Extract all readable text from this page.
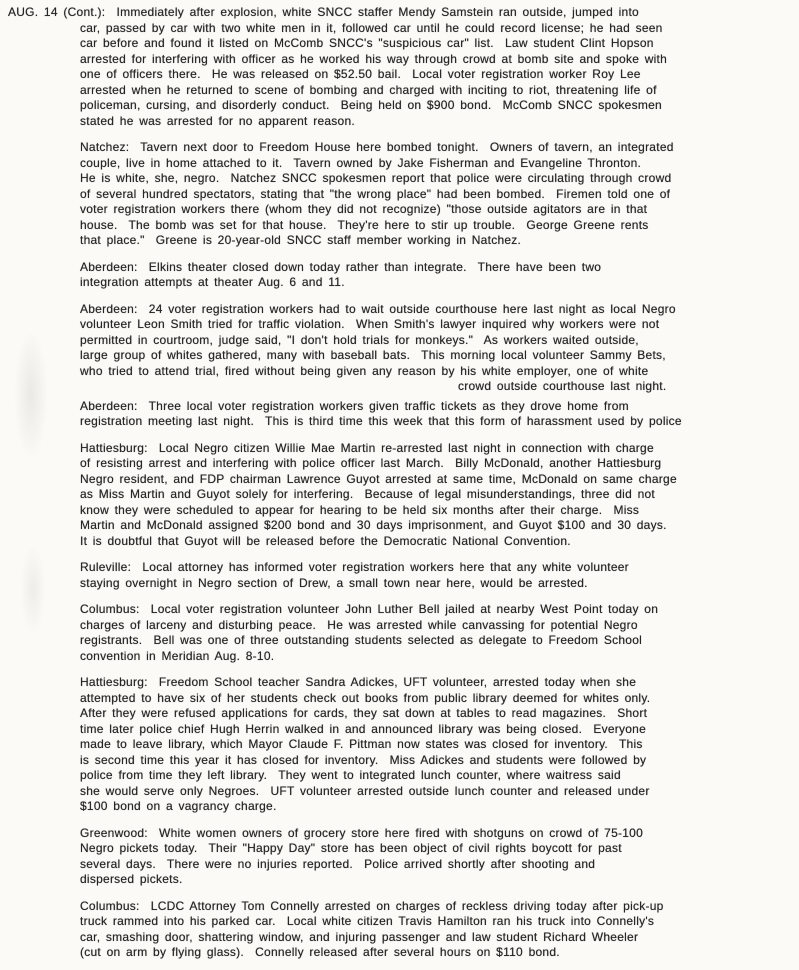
AUG. 14 (Cont.):  Immediately after explosion, white SNCC staffer Mendy Samstein ran outside, jumped into
car, passed by car with two white men in it, followed car until he could record license; he had seen
car before and found it listed on McComb SNCC's "suspicious car" list.  Law student Clint Hopson
arrested for interfering with officer as he worked his way through crowd at bomb site and spoke with
one of officers there.  He was released on $52.50 bail.  Local voter registration worker Roy Lee
arrested when he returned to scene of bombing and charged with inciting to riot, threatening life of
policeman, cursing, and disorderly conduct.  Being held on $900 bond.  McComb SNCC spokesmen
stated he was arrested for no apparent reason.
Natchez:  Tavern next door to Freedom House here bombed tonight.  Owners of tavern, an integrated
couple, live in home attached to it.  Tavern owned by Jake Fisherman and Evangeline Thronton.
He is white, she, negro.  Natchez SNCC spokesmen report that police were circulating through crowd
of several hundred spectators, stating that "the wrong place" had been bombed.  Firemen told one of
voter registration workers there (whom they did not recognize) "those outside agitators are in that
house.  The bomb was set for that house.  They're here to stir up trouble.  George Greene rents
that place."  Greene is 20-year-old SNCC staff member working in Natchez.
Aberdeen:  Elkins theater closed down today rather than integrate.  There have been two
integration attempts at theater Aug. 6 and 11.
Aberdeen:  24 voter registration workers had to wait outside courthouse here last night as local Negro
volunteer Leon Smith tried for traffic violation.  When Smith's lawyer inquired why workers were not
permitted in courtroom, judge said, "I don't hold trials for monkeys."  As workers waited outside,
large group of whites gathered, many with baseball bats.  This morning local volunteer Sammy Bets,
who tried to attend trial, fired without being given any reason by his white employer, one of white
crowd outside courthouse last night.
Aberdeen:  Three local voter registration workers given traffic tickets as they drove home from
registration meeting last night.  This is third time this week that this form of harassment used by police
Hattiesburg:  Local Negro citizen Willie Mae Martin re-arrested last night in connection with charge
of resisting arrest and interfering with police officer last March.  Billy McDonald, another Hattiesburg
Negro resident, and FDP chairman Lawrence Guyot arrested at same time, McDonald on same charge
as Miss Martin and Guyot solely for interfering.  Because of legal misunderstandings, three did not
know they were scheduled to appear for hearing to be held six months after their charge.  Miss
Martin and McDonald assigned $200 bond and 30 days imprisonment, and Guyot $100 and 30 days.
It is doubtful that Guyot will be released before the Democratic National Convention.
Ruleville:  Local attorney has informed voter registration workers here that any white volunteer
staying overnight in Negro section of Drew, a small town near here, would be arrested.
Columbus:  Local voter registration volunteer John Luther Bell jailed at nearby West Point today on
charges of larceny and disturbing peace.  He was arrested while canvassing for potential Negro
registrants.  Bell was one of three outstanding students selected as delegate to Freedom School
convention in Meridian Aug. 8-10.
Hattiesburg:  Freedom School teacher Sandra Adickes, UFT volunteer, arrested today when she
attempted to have six of her students check out books from public library deemed for whites only.
After they were refused applications for cards, they sat down at tables to read magazines.  Short
time later police chief Hugh Herrin walked in and announced library was being closed.  Everyone
made to leave library, which Mayor Claude F. Pittman now states was closed for inventory.  This
is second time this year it has closed for inventory.  Miss Adickes and students were followed by
police from time they left library.  They went to integrated lunch counter, where waitress said
she would serve only Negroes.  UFT volunteer arrested outside lunch counter and released under
$100 bond on a vagrancy charge.
Greenwood:  White women owners of grocery store here fired with shotguns on crowd of 75-100
Negro pickets today.  Their "Happy Day" store has been object of civil rights boycott for past
several days.  There were no injuries reported.  Police arrived shortly after shooting and
dispersed pickets.
Columbus:  LCDC Attorney Tom Connelly arrested on charges of reckless driving today after pick-up
truck rammed into his parked car.  Local white citizen Travis Hamilton ran his truck into Connelly's
car, smashing door, shattering window, and injuring passenger and law student Richard Wheeler
(cut on arm by flying glass).  Connelly released after several hours on $110 bond.
